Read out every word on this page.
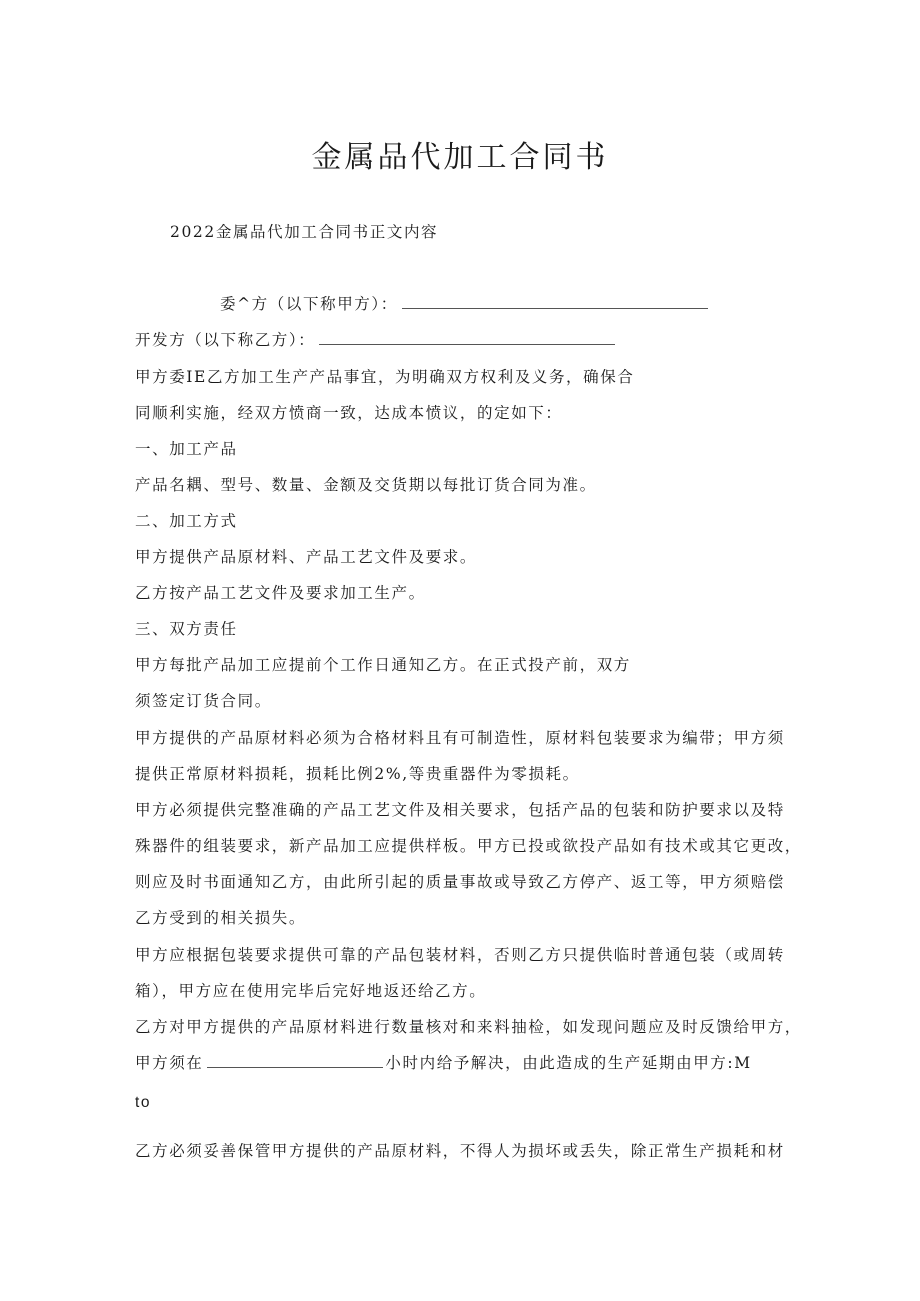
金属品代加工合同书
2022金属品代加工合同书正文内容
委^方（以下称甲方）：
开发方（以下称乙方）：
甲方委IE乙方加工生产产品事宜，为明确双方权利及义务，确保合
同顺利实施，经双方愤商一致，达成本愤议，的定如下：
一、加工产品
产品名耦、型号、数量、金额及交货期以每批订货合同为准。
二、加工方式
甲方提供产品原材料、产品工艺文件及要求。
乙方按产品工艺文件及要求加工生产。
三、双方责任
甲方每批产品加工应提前个工作日通知乙方。在正式投产前，双方
须签定订货合同。
甲方提供的产品原材料必须为合格材料且有可制造性，原材料包装要求为编带；甲方须
提供正常原材料损耗，损耗比例2%,等贵重器件为零损耗。
甲方必须提供完整准确的产品工艺文件及相关要求，包括产品的包装和防护要求以及特
殊器件的组装要求，新产品加工应提供样板。甲方已投或欲投产品如有技术或其它更改，
则应及时书面通知乙方，由此所引起的质量事故或导致乙方停产、返工等，甲方须赔偿
乙方受到的相关损失。
甲方应根据包装要求提供可靠的产品包装材料，否则乙方只提供临时普通包装（或周转
箱），甲方应在使用完毕后完好地返还给乙方。
乙方对甲方提供的产品原材料进行数量核对和来料抽检，如发现问题应及时反馈给甲方，
甲方须在	小时内给予解决，由此造成的生产延期由甲方:M
to
乙方必须妥善保管甲方提供的产品原材料，不得人为损坏或丢失，除正常生产损耗和材
